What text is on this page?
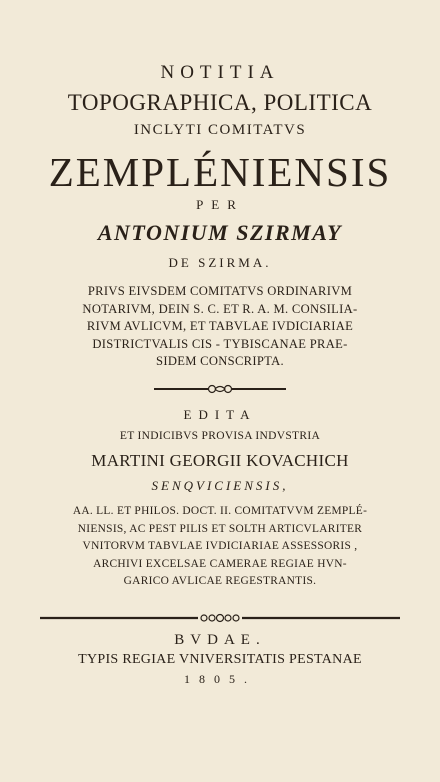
NOTITIA
TOPOGRAPHICA, POLITICA
INCLYTI COMITATVS
ZEMPLÉNIENSIS
PER
ANTONIUM SZIRMAY
DE SZIRMA.
PRIVS EIVSDEM COMITATVS ORDINARIVM
NOTARIVM, DEIN S. C. ET R. A. M. CONSILIA-
RIVM AVLICVM, ET TABVLAE IVDICIARIAE
DISTRICTVALIS CIS - TYBISCANAE PRAE-
SIDEM CONSCRIPTA.
EDITA
ET INDICIBVS PROVISA INDVSTRIA
MARTINI GEORGII KOVACHICH
SENQVICIENSIS,
AA. LL. ET PHILOS. DOCT. II. COMITATVVM ZEMPLÉ-
NIENSIS, AC PEST PILIS ET SOLTH ARTICVLARITER
VNITORVM TABVLAE IVDICIARIAE ASSESSORIS ,
ARCHIVI EXCELSAE CAMERAE REGIAE HVN-
GARICO AVLICAE REGESTRANTIS.
BVDAE.
TYPIS REGIAE VNIVERSITATIS PESTANAE
1805.
